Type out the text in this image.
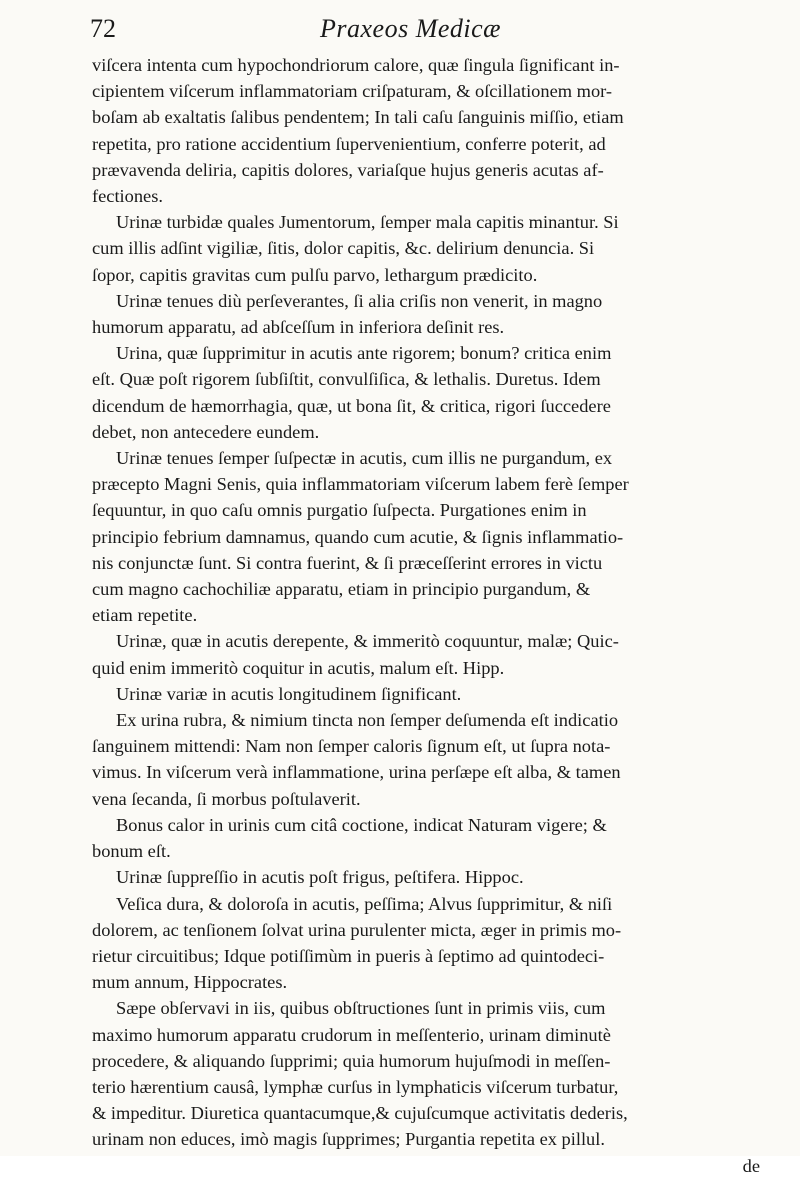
72	Praxeos Medicæ
viſcera intenta cum hypochondriorum calore, quæ ſingula ſignificant in-
cipientem viſcerum inflammatoriam criſpaturam, & oſcillationem mor-
boſam ab exaltatis ſalibus pendentem; In tali caſu ſanguinis miſſio, etiam
repetita, pro ratione accidentium ſupervenientium, conferre poterit, ad
prævavenda deliria, capitis dolores, variaſque hujus generis acutas af-
fectiones.
Urinæ turbidæ quales Jumentorum, ſemper mala capitis minantur. Si
cum illis adſint vigiliæ, ſitis, dolor capitis, &c. delirium denuncia. Si
ſopor, capitis gravitas cum pulſu parvo, lethargum prædicito.
Urinæ tenues diù perſeverantes, ſi alia criſis non venerit, in magno
humorum apparatu, ad abſceſſum in inferiora deſinit res.
Urina, quæ ſupprimitur in acutis ante rigorem; bonum? critica enim
eſt. Quæ poſt rigorem ſubſiſtit, convulſiſica, & lethalis. Duretus. Idem
dicendum de hæmorrhagia, quæ, ut bona ſit, & critica, rigori ſuccedere
debet, non antecedere eundem.
Urinæ tenues ſemper ſuſpectæ in acutis, cum illis ne purgandum, ex
præcepto Magni Senis, quia inflammatoriam viſcerum labem ferè ſemper
ſequuntur, in quo caſu omnis purgatio ſuſpecta. Purgationes enim in
principio febrium damnamus, quando cum acutie, & ſignis inflammatio-
nis conjunctæ ſunt. Si contra fuerint, & ſi præceſſerint errores in victu
cum magno cachochiliæ apparatu, etiam in principio purgandum, &
etiam repetite.
Urinæ, quæ in acutis derepente, & immeritò coquuntur, malæ; Quic-
quid enim immeritò coquitur in acutis, malum eſt. Hipp.
Urinæ variæ in acutis longitudinem ſignificant.
Ex urina rubra, & nimium tincta non ſemper deſumenda eſt indicatio
ſanguinem mittendi: Nam non ſemper caloris ſignum eſt, ut ſupra nota-
vimus. In viſcerum verà inflammatione, urina perſæpe eſt alba, & tamen
vena ſecanda, ſi morbus poſtulaverit.
Bonus calor in urinis cum citâ coctione, indicat Naturam vigere; &
bonum eſt.
Urinæ ſuppreſſio in acutis poſt frigus, peſtifera. Hippoc.
Veſica dura, & doloroſa in acutis, peſſima; Alvus ſupprimitur, & niſi
dolorem, ac tenſionem ſolvat urina purulenter micta, æger in primis mo-
rietur circuitibus; Idque potiſſimùm in pueris à ſeptimo ad quintodeci-
mum annum, Hippocrates.
Sæpe obſervavi in iis, quibus obſtructiones ſunt in primis viis, cum
maximo humorum apparatu crudorum in meſſenterio, urinam diminutè
procedere, & aliquando ſupprimi; quia humorum hujuſmodi in meſſen-
terio hærentium causâ, lymphæ curſus in lymphaticis viſcerum turbatur,
& impeditur. Diuretica quantacumque,& cujuſcumque activitatis dederis,
urinam non educes, imò magis ſupprimes; Purgantia repetita ex pillul.
de
